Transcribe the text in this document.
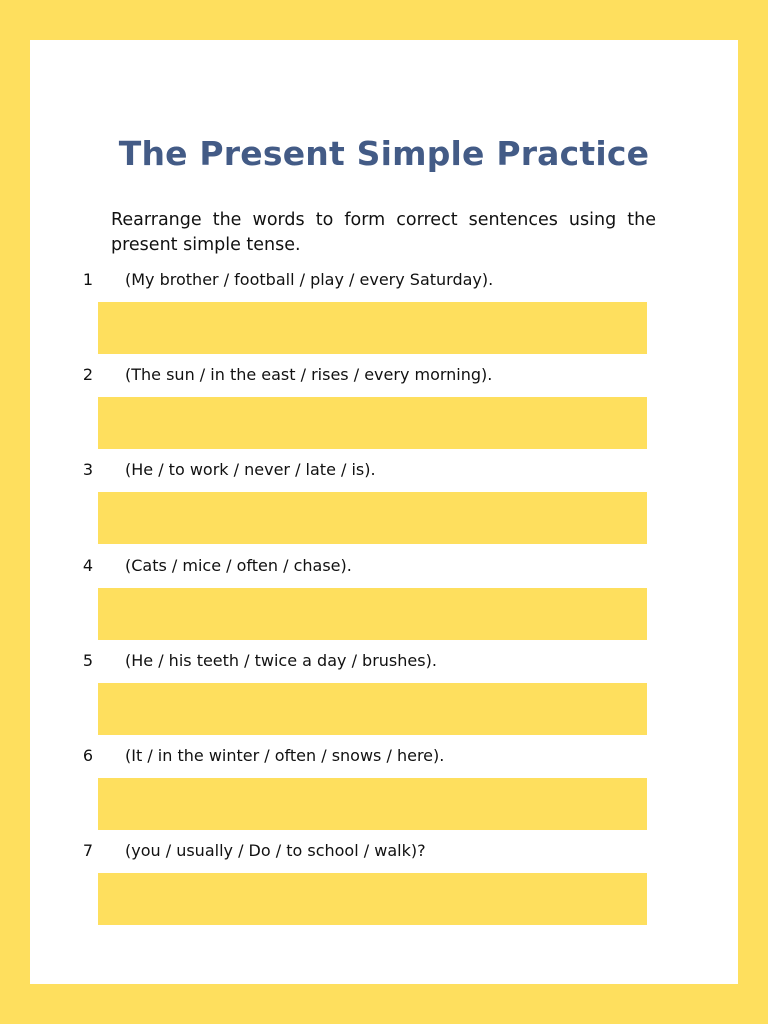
The Present Simple Practice

Rearrange the words to form correct sentences using the present simple tense.

1 (My brother / football / play / every Saturday).
2 (The sun / in the east / rises / every morning).
3 (He / to work / never / late / is).
4 (Cats / mice / often / chase).
5 (He / his teeth / twice a day / brushes).
6 (It / in the winter / often / snows / here).
7 (you / usually / Do / to school / walk)?
